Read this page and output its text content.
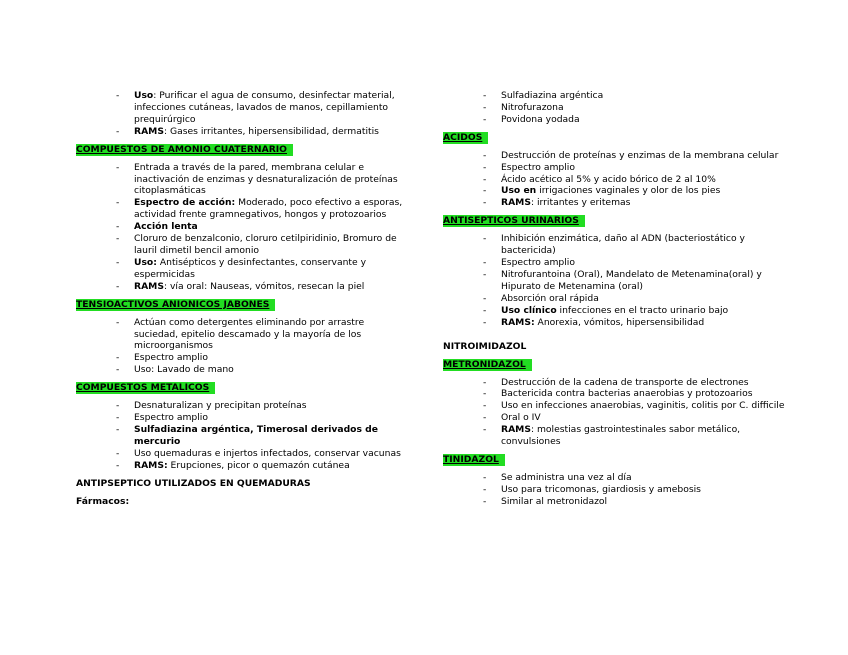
- Uso: Purificar el agua de consumo, desinfectar material, infecciones cutáneas, lavados de manos, cepillamiento prequirúrgico
- RAMS: Gases irritantes, hipersensibilidad, dermatitis
COMPUESTOS DE AMONIO CUATERNARIO
- Entrada a través de la pared, membrana celular e inactivación de enzimas y desnaturalización de proteínas citoplasmáticas
- Espectro de acción: Moderado, poco efectivo a esporas, actividad frente gramnegativos, hongos y protozoarios
- Acción lenta
- Cloruro de benzalconio, cloruro cetilpiridinio, Bromuro de lauril dimetil bencil amonio
- Uso: Antisépticos y desinfectantes, conservante y espermicidas
- RAMS: vía oral: Nauseas, vómitos, resecan la piel
TENSIOACTIVOS ANIONICOS JABONES
- Actúan como detergentes eliminando por arrastre suciedad, epitelio descamado y la mayoría de los microorganismos
- Espectro amplio
- Uso: Lavado de mano
COMPUESTOS METALICOS
- Desnaturalizan y precipitan proteínas
- Espectro amplio
- Sulfadiazina argéntica, Timerosal derivados de mercurio
- Uso quemaduras e injertos infectados, conservar vacunas
- RAMS: Erupciones, picor o quemazón cutánea
ANTIPSEPTICO UTILIZADOS EN QUEMADURAS
Fármacos:
- Sulfadiazina argéntica
- Nitrofurazona
- Povidona yodada
ACIDOS
- Destrucción de proteínas y enzimas de la membrana celular
- Espectro amplio
- Ácido acético al 5% y acido bórico de 2 al 10%
- Uso en irrigaciones vaginales y olor de los pies
- RAMS: irritantes y eritemas
ANTISEPTICOS URINARIOS
- Inhibición enzimática, daño al ADN (bacteriostático y bactericida)
- Espectro amplio
- Nitrofurantoina (Oral), Mandelato de Metenamina(oral) y Hipurato de Metenamina (oral)
- Absorción oral rápida
- Uso clínico infecciones en el tracto urinario bajo
- RAMS: Anorexia, vómitos, hipersensibilidad
NITROIMIDAZOL
METRONIDAZOL
- Destrucción de la cadena de transporte de electrones
- Bactericida contra bacterias anaerobias y protozoarios
- Uso en infecciones anaerobias, vaginitis, colitis por C. difficile
- Oral o IV
- RAMS: molestias gastrointestinales sabor metálico, convulsiones
TINIDAZOL
- Se administra una vez al día
- Uso para tricomonas, giardiosis y amebosis
- Similar al metronidazol
